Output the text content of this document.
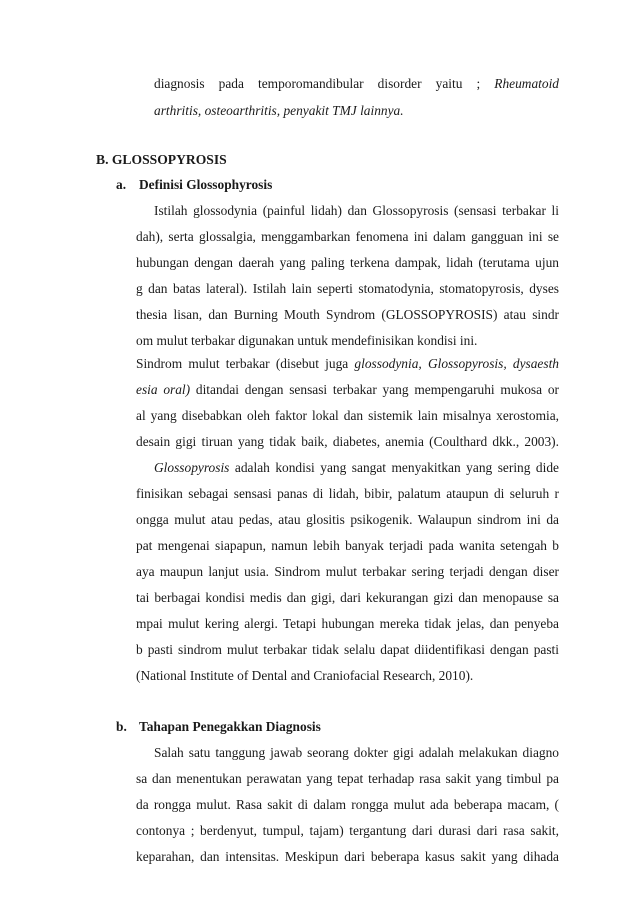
diagnosis pada temporomandibular disorder yaitu ; Rheumatoid
arthritis, osteoarthritis, penyakit TMJ lainnya.
B. GLOSSOPYROSIS
a. Definisi Glossophyrosis
Istilah glossodynia (painful lidah) dan Glossopyrosis (sensasi terbakar li
dah), serta glossalgia, menggambarkan fenomena ini dalam gangguan ini se
hubungan dengan daerah yang paling terkena dampak, lidah (terutama ujun
g dan batas lateral). Istilah lain seperti stomatodynia, stomatopyrosis, dyses
thesia lisan, dan Burning Mouth Syndrom (GLOSSOPYROSIS) atau sindr
om mulut terbakar digunakan untuk mendefinisikan kondisi ini.
Sindrom mulut terbakar (disebut juga glossodynia, Glossopyrosis, dysaesth
esia oral) ditandai dengan sensasi terbakar yang mempengaruhi mukosa or
al yang disebabkan oleh faktor lokal dan sistemik lain misalnya xerostomia,
desain gigi tiruan yang tidak baik, diabetes, anemia (Coulthard dkk., 2003).
Glossopyrosis adalah kondisi yang sangat menyakitkan yang sering dide
finisikan sebagai sensasi panas di lidah, bibir, palatum ataupun di seluruh r
ongga mulut atau pedas, atau glositis psikogenik. Walaupun sindrom ini da
pat mengenai siapapun, namun lebih banyak terjadi pada wanita setengah b
aya maupun lanjut usia. Sindrom mulut terbakar sering terjadi dengan diser
tai berbagai kondisi medis dan gigi, dari kekurangan gizi dan menopause sa
mpai mulut kering alergi. Tetapi hubungan mereka tidak jelas, dan penyeba
b pasti sindrom mulut terbakar tidak selalu dapat diidentifikasi dengan pasti
(National Institute of Dental and Craniofacial Research, 2010).
b. Tahapan Penegakkan Diagnosis
Salah satu tanggung jawab seorang dokter gigi adalah melakukan diagno
sa dan menentukan perawatan yang tepat terhadap rasa sakit yang timbul pa
da rongga mulut. Rasa sakit di dalam rongga mulut ada beberapa macam, (
contonya ; berdenyut, tumpul, tajam) tergantung dari durasi dari rasa sakit,
keparahan, dan intensitas. Meskipun dari beberapa kasus sakit yang dihada
